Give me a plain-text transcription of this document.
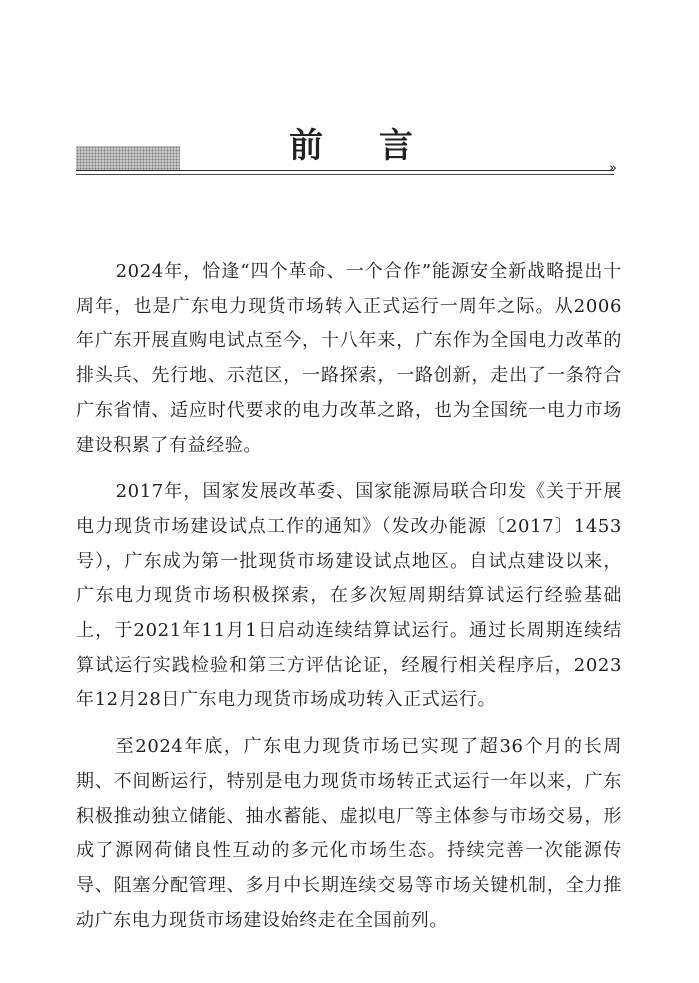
前 言
»

2024年，恰逢“四个革命、一个合作”能源安全新战略提出十周年，也是广东电力现货市场转入正式运行一周年之际。从2006年广东开展直购电试点至今，十八年来，广东作为全国电力改革的排头兵、先行地、示范区，一路探索，一路创新，走出了一条符合广东省情、适应时代要求的电力改革之路，也为全国统一电力市场建设积累了有益经验。

2017年，国家发展改革委、国家能源局联合印发《关于开展电力现货市场建设试点工作的通知》（发改办能源〔2017〕1453号），广东成为第一批现货市场建设试点地区。自试点建设以来，广东电力现货市场积极探索，在多次短周期结算试运行经验基础上，于2021年11月1日启动连续结算试运行。通过长周期连续结算试运行实践检验和第三方评估论证，经履行相关程序后，2023年12月28日广东电力现货市场成功转入正式运行。

至2024年底，广东电力现货市场已实现了超36个月的长周期、不间断运行，特别是电力现货市场转正式运行一年以来，广东积极推动独立储能、抽水蓄能、虚拟电厂等主体参与市场交易，形成了源网荷储良性互动的多元化市场生态。持续完善一次能源传导、阻塞分配管理、多月中长期连续交易等市场关键机制，全力推动广东电力现货市场建设始终走在全国前列。
